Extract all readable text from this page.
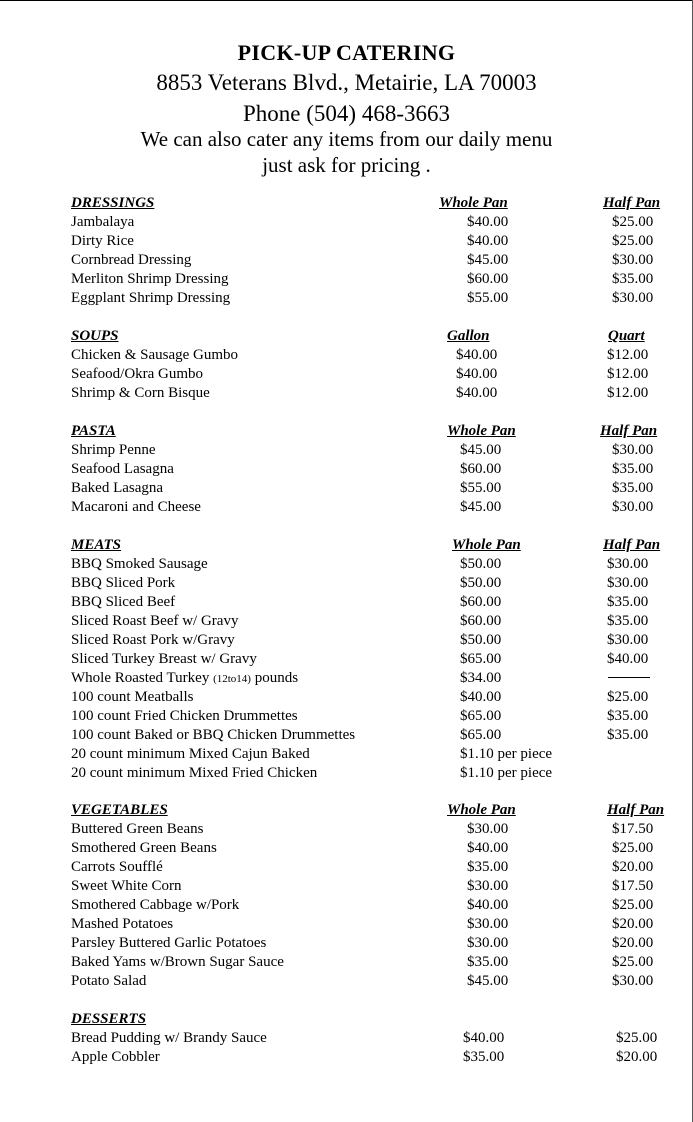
PICK-UP CATERING
8853 Veterans Blvd., Metairie, LA 70003
Phone (504) 468-3663
We can also cater any items from our daily menu
just ask for pricing .
DRESSINGS	Whole Pan	Half Pan
Jambalaya	$40.00	$25.00
Dirty Rice	$40.00	$25.00
Cornbread Dressing	$45.00	$30.00
Merliton Shrimp Dressing	$60.00	$35.00
Eggplant Shrimp Dressing	$55.00	$30.00
SOUPS	Gallon	Quart
Chicken & Sausage Gumbo	$40.00	$12.00
Seafood/Okra Gumbo	$40.00	$12.00
Shrimp & Corn Bisque	$40.00	$12.00
PASTA	Whole Pan	Half Pan
Shrimp Penne	$45.00	$30.00
Seafood Lasagna	$60.00	$35.00
Baked Lasagna	$55.00	$35.00
Macaroni and Cheese	$45.00	$30.00
MEATS	Whole Pan	Half Pan
BBQ Smoked Sausage	$50.00	$30.00
BBQ Sliced Pork	$50.00	$30.00
BBQ Sliced Beef	$60.00	$35.00
Sliced Roast Beef w/ Gravy	$60.00	$35.00
Sliced Roast Pork w/Gravy	$50.00	$30.00
Sliced Turkey Breast w/ Gravy	$65.00	$40.00
Whole Roasted Turkey (12to14) pounds	$34.00
100 count Meatballs	$40.00	$25.00
100 count Fried Chicken Drummettes	$65.00	$35.00
100 count Baked or BBQ Chicken Drummettes	$65.00	$35.00
20 count minimum Mixed Cajun Baked	$1.10 per piece
20 count minimum Mixed Fried Chicken	$1.10 per piece
VEGETABLES	Whole Pan	Half Pan
Buttered Green Beans	$30.00	$17.50
Smothered Green Beans	$40.00	$25.00
Carrots Soufflé	$35.00	$20.00
Sweet White Corn	$30.00	$17.50
Smothered Cabbage w/Pork	$40.00	$25.00
Mashed Potatoes	$30.00	$20.00
Parsley Buttered Garlic Potatoes	$30.00	$20.00
Baked Yams w/Brown Sugar Sauce	$35.00	$25.00
Potato Salad	$45.00	$30.00
DESSERTS
Bread Pudding w/ Brandy Sauce	$40.00	$25.00
Apple Cobbler	$35.00	$20.00
